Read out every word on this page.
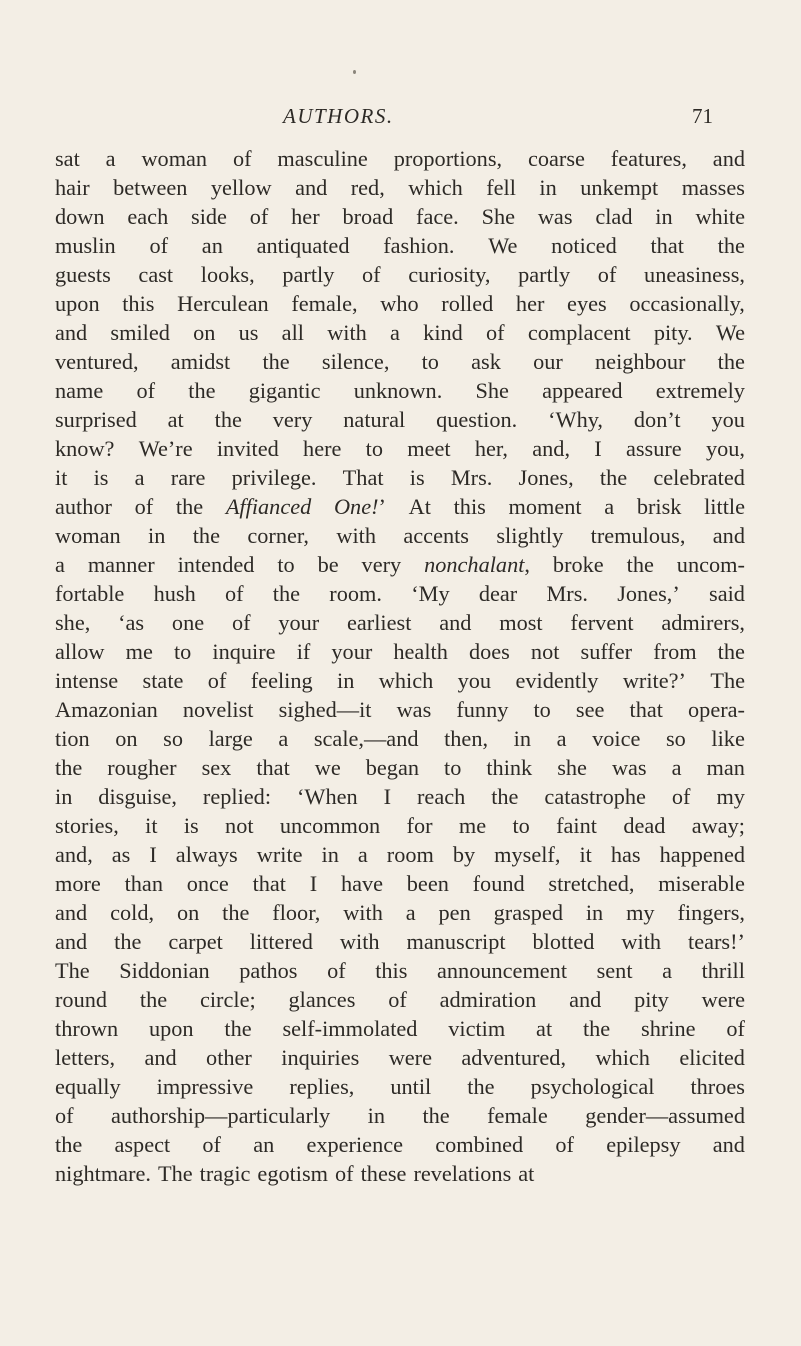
AUTHORS.	71
sat a woman of masculine proportions, coarse features, and
hair between yellow and red, which fell in unkempt masses
down each side of her broad face. She was clad in white
muslin of an antiquated fashion. We noticed that the
guests cast looks, partly of curiosity, partly of uneasiness,
upon this Herculean female, who rolled her eyes occasionally,
and smiled on us all with a kind of complacent pity. We
ventured, amidst the silence, to ask our neighbour the
name of the gigantic unknown. She appeared extremely
surprised at the very natural question. ‘Why, don’t you
know? We’re invited here to meet her, and, I assure you,
it is a rare privilege. That is Mrs. Jones, the celebrated
author of the Affianced One!’ At this moment a brisk little
woman in the corner, with accents slightly tremulous, and
a manner intended to be very nonchalant, broke the uncom-
fortable hush of the room. ‘My dear Mrs. Jones,’ said
she, ‘as one of your earliest and most fervent admirers,
allow me to inquire if your health does not suffer from the
intense state of feeling in which you evidently write?’ The
Amazonian novelist sighed—it was funny to see that opera-
tion on so large a scale,—and then, in a voice so like
the rougher sex that we began to think she was a man
in disguise, replied: ‘When I reach the catastrophe of my
stories, it is not uncommon for me to faint dead away;
and, as I always write in a room by myself, it has happened
more than once that I have been found stretched, miserable
and cold, on the floor, with a pen grasped in my fingers,
and the carpet littered with manuscript blotted with tears!’
The Siddonian pathos of this announcement sent a thrill
round the circle; glances of admiration and pity were
thrown upon the self-immolated victim at the shrine of
letters, and other inquiries were adventured, which elicited
equally impressive replies, until the psychological throes
of authorship—particularly in the female gender—assumed
the aspect of an experience combined of epilepsy and
nightmare. The tragic egotism of these revelations at
